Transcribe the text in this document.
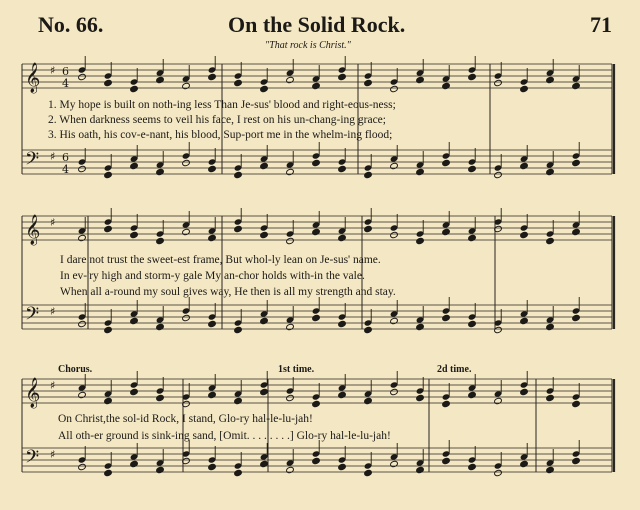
No. 66.	On the Solid Rock.	71
"That rock is Christ."
𝄞
𝄢
♯
♯
6
4
6
4
𝄞
𝄢
♯
♯
𝄞
𝄢
♯
♯
1. My hope is built on noth-ing less Than Je-sus' blood and right-eous-ness;
2. When darkness seems to veil his face, I rest on his un-chang-ing grace;
3. His oath, his cov-e-nant, his blood, Sup-port me in the whelm-ing flood;
I dare not trust the sweet-est frame, But whol-ly lean on Je-sus' name.
In ev-'ry high and storm-y gale My an-chor holds with-in the vale.
When all a-round my soul gives way, He then is all my strength and stay.
Chorus.	1st time.	2d time.
On Christ,the sol-id Rock, I stand, Glo-ry hal-le-lu-jah!
All oth-er ground is sink-ing sand, [Omit. . . . . . . .] Glo-ry hal-le-lu-jah!
